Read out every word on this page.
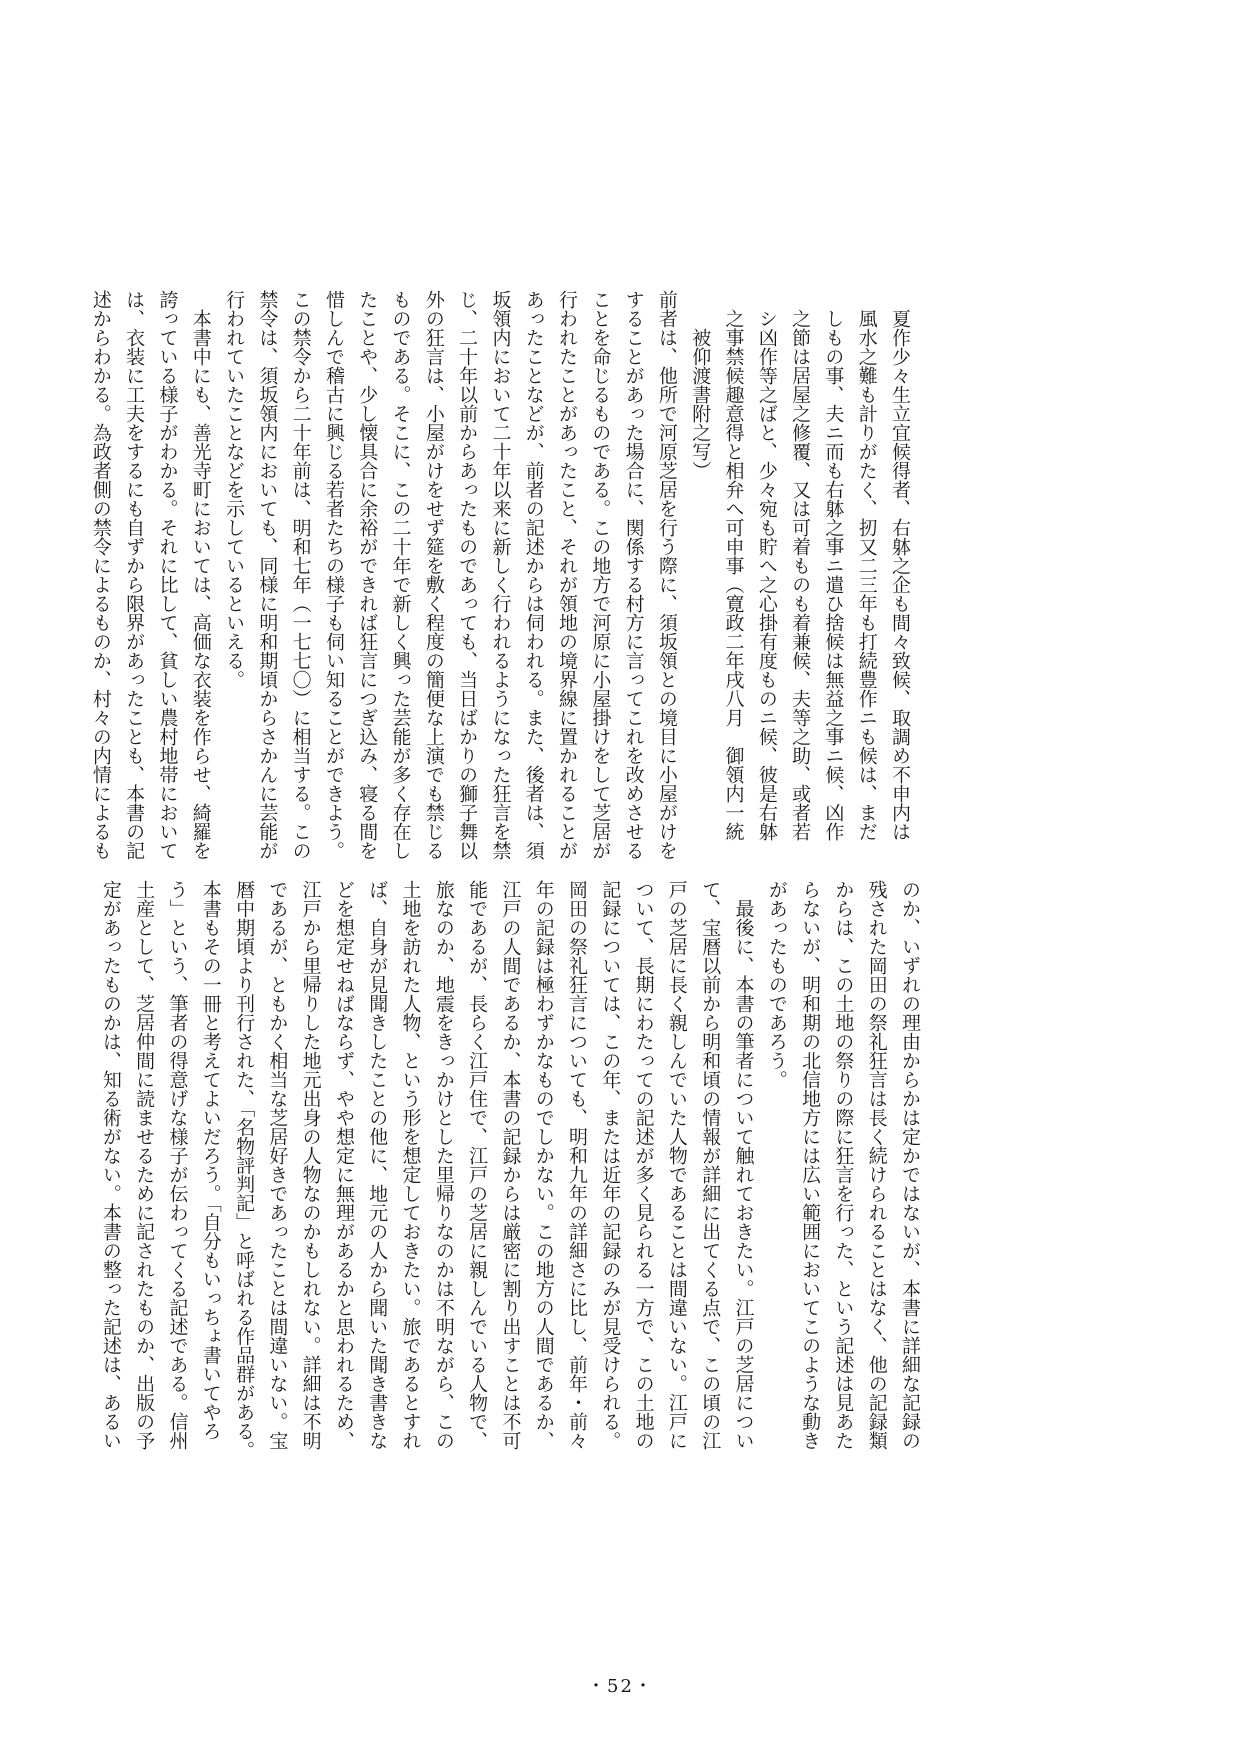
夏作少々生立宜候得者、右躰之企も間々致候、取調め不申内は
風水之難も計りがたく、扨又二三年も打続豊作ニも候は、まだ
しもの事、夫ニ而も右躰之事ニ遣ひ捨候は無益之事ニ候、凶作
之節は居屋之修覆、又は可着ものも着兼候、夫等之助、或者若
シ凶作等之ばと、少々宛も貯へ之心掛有度ものニ候、彼是右躰
之事禁候趣意得と相弁へ可申事（寛政二年戌八月　御領内一統
被仰渡書附之写）
前者は、他所で河原芝居を行う際に、須坂領との境目に小屋がけを
することがあった場合に、関係する村方に言ってこれを改めさせる
ことを命じるものである。この地方で河原に小屋掛けをして芝居が
行われたことがあったこと、それが領地の境界線に置かれることが
あったことなどが、前者の記述からは伺われる。また、後者は、須
坂領内において二十年以来に新しく行われるようになった狂言を禁
じ、二十年以前からあったものであっても、当日ばかりの獅子舞以
外の狂言は、小屋がけをせず筵を敷く程度の簡便な上演でも禁じる
ものである。そこに、この二十年で新しく興った芸能が多く存在し
たことや、少し懐具合に余裕ができれば狂言につぎ込み、寝る間を
惜しんで稽古に興じる若者たちの様子も伺い知ることができよう。
この禁令から二十年前は、明和七年（一七七〇）に相当する。この
禁令は、須坂領内においても、同様に明和期頃からさかんに芸能が
行われていたことなどを示しているといえる。
本書中にも、善光寺町においては、高価な衣装を作らせ、綺羅を
誇っている様子がわかる。それに比して、貧しい農村地帯において
は、衣装に工夫をするにも自ずから限界があったことも、本書の記
述からわかる。為政者側の禁令によるものか、村々の内情によるも
のか、いずれの理由からかは定かではないが、本書に詳細な記録の
残された岡田の祭礼狂言は長く続けられることはなく、他の記録類
からは、この土地の祭りの際に狂言を行った、という記述は見あた
らないが、明和期の北信地方には広い範囲においてこのような動き
があったものであろう。
最後に、本書の筆者について触れておきたい。江戸の芝居につい
て、宝暦以前から明和頃の情報が詳細に出てくる点で、この頃の江
戸の芝居に長く親しんでいた人物であることは間違いない。江戸に
ついて、長期にわたっての記述が多く見られる一方で、この土地の
記録については、この年、または近年の記録のみが見受けられる。
岡田の祭礼狂言についても、明和九年の詳細さに比し、前年・前々
年の記録は極わずかなものでしかない。この地方の人間であるか、
江戸の人間であるか、本書の記録からは厳密に割り出すことは不可
能であるが、長らく江戸住で、江戸の芝居に親しんでいる人物で、
旅なのか、地震をきっかけとした里帰りなのかは不明ながら、この
土地を訪れた人物、という形を想定しておきたい。旅であるとすれ
ば、自身が見聞きしたことの他に、地元の人から聞いた聞き書きな
どを想定せねばならず、やや想定に無理があるかと思われるため、
江戸から里帰りした地元出身の人物なのかもしれない。詳細は不明
であるが、ともかく相当な芝居好きであったことは間違いない。宝
暦中期頃より刊行された、「名物評判記」と呼ばれる作品群がある。
本書もその一冊と考えてよいだろう。「自分もいっちょ書いてやろ
う」という、筆者の得意げな様子が伝わってくる記述である。信州
土産として、芝居仲間に読ませるために記されたものか、出版の予
定があったものかは、知る術がない。本書の整った記述は、あるい
・52・
